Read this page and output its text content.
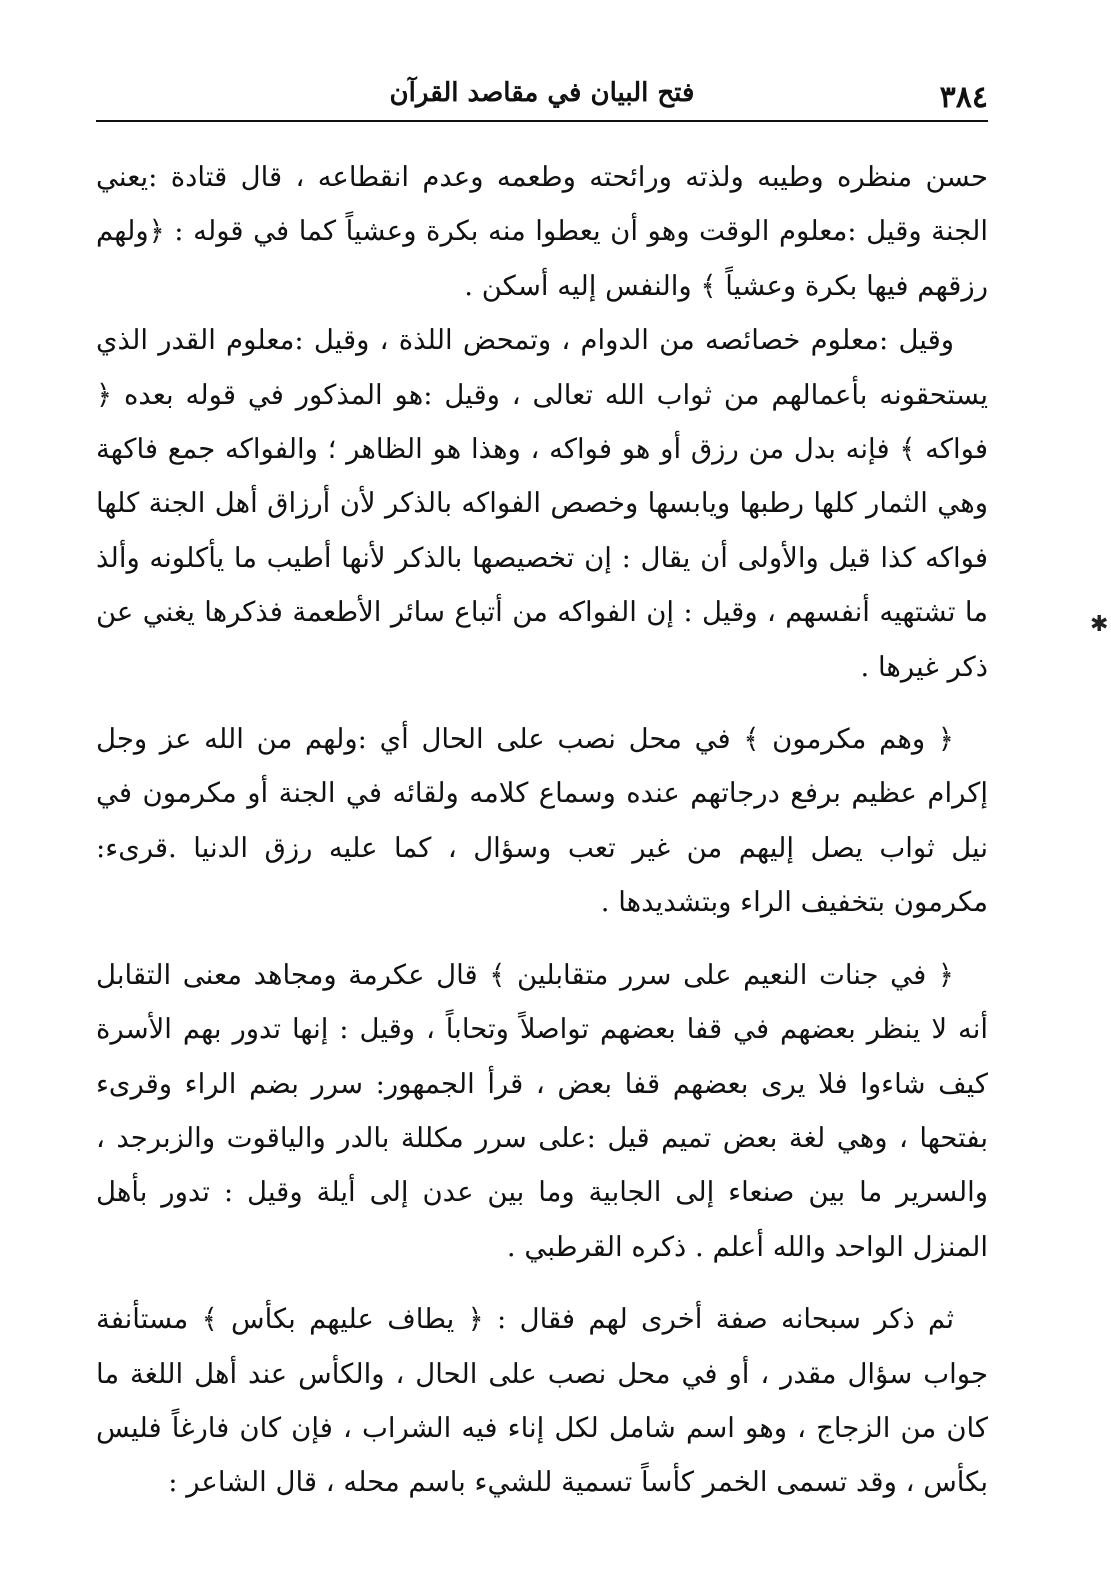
٣٨٤
فتح البيان في مقاصد القرآن

حسن منظره وطيبه ولذته ورائحته وطعمه وعدم انقطاعه ، قال قتادة :يعني الجنة وقيل :معلوم الوقت وهو أن يعطوا منه بكرة وعشياً كما في قوله : ﴿ولهم رزقهم فيها بكرة وعشياً ﴾ والنفس إليه أسكن .

وقيل :معلوم خصائصه من الدوام ، وتمحض اللذة ، وقيل :معلوم القدر الذي يستحقونه بأعمالهم من ثواب الله تعالى ، وقيل :هو المذكور في قوله بعده ﴿ فواكه ﴾ فإنه بدل من رزق أو هو فواكه ، وهذا هو الظاهر ؛ والفواكه جمع فاكهة وهي الثمار كلها رطبها ويابسها وخصص الفواكه بالذكر لأن أرزاق أهل الجنة كلها فواكه كذا قيل والأولى أن يقال : إن تخصيصها بالذكر لأنها أطيب ما يأكلونه وألذ ما تشتهيه أنفسهم ، وقيل : إن الفواكه من أتباع سائر الأطعمة فذكرها يغني عن ذكر غيرها .

﴿ وهم مكرمون ﴾ في محل نصب على الحال أي :ولهم من الله عز وجل إكرام عظيم برفع درجاتهم عنده وسماع كلامه ولقائه في الجنة أو مكرمون في نيل ثواب يصل إليهم من غير تعب وسؤال ، كما عليه رزق الدنيا .قرىء: مكرمون بتخفيف الراء وبتشديدها .

﴿ في جنات النعيم على سرر متقابلين ﴾ قال عكرمة ومجاهد معنى التقابل أنه لا ينظر بعضهم في قفا بعضهم تواصلاً وتحاباً ، وقيل : إنها تدور بهم الأسرة كيف شاءوا فلا يرى بعضهم قفا بعض ، قرأ الجمهور: سرر بضم الراء وقرىء بفتحها ، وهي لغة بعض تميم قيل :على سرر مكللة بالدر والياقوت والزبرجد ، والسرير ما بين صنعاء إلى الجابية وما بين عدن إلى أيلة وقيل : تدور بأهل المنزل الواحد والله أعلم . ذكره القرطبي .

ثم ذكر سبحانه صفة أخرى لهم فقال : ﴿ يطاف عليهم بكأس ﴾ مستأنفة جواب سؤال مقدر ، أو في محل نصب على الحال ، والكأس عند أهل اللغة ما كان من الزجاج ، وهو اسم شامل لكل إناء فيه الشراب ، فإن كان فارغاً فليس بكأس ، وقد تسمى الخمر كأساً تسمية للشيء باسم محله ، قال الشاعر :

✱
